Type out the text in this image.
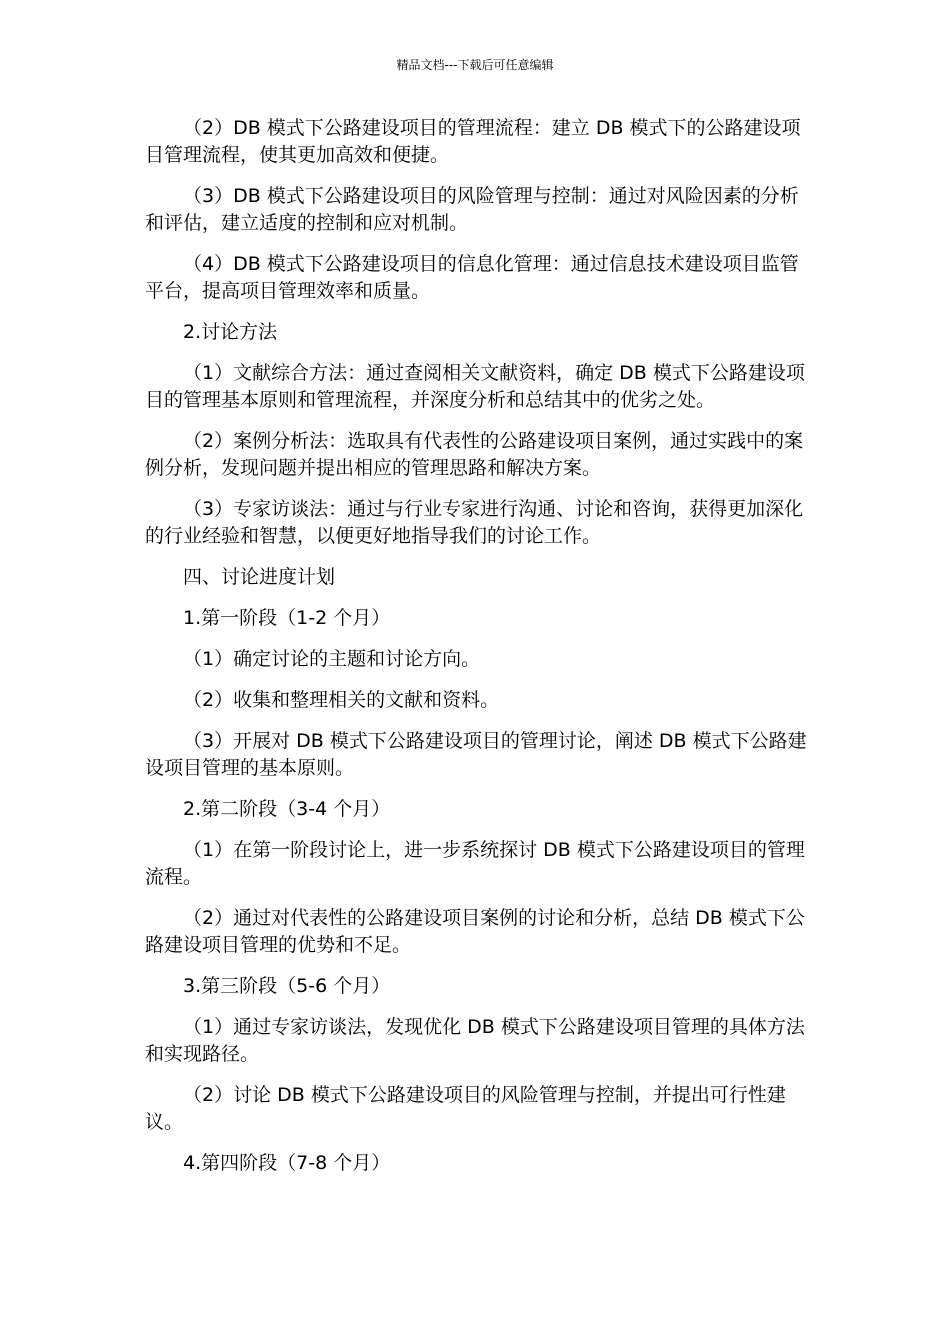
精品文档---下载后可任意编辑

（2）DB 模式下公路建设项目的管理流程：建立 DB 模式下的公路建设项目管理流程，使其更加高效和便捷。

（3）DB 模式下公路建设项目的风险管理与控制：通过对风险因素的分析和评估，建立适度的控制和应对机制。

（4）DB 模式下公路建设项目的信息化管理：通过信息技术建设项目监管平台，提高项目管理效率和质量。

2.讨论方法

（1）文献综合方法：通过查阅相关文献资料，确定 DB 模式下公路建设项目的管理基本原则和管理流程，并深度分析和总结其中的优劣之处。

（2）案例分析法：选取具有代表性的公路建设项目案例，通过实践中的案例分析，发现问题并提出相应的管理思路和解决方案。

（3）专家访谈法：通过与行业专家进行沟通、讨论和咨询，获得更加深化的行业经验和智慧，以便更好地指导我们的讨论工作。

四、讨论进度计划

1.第一阶段（1-2 个月）

（1）确定讨论的主题和讨论方向。

（2）收集和整理相关的文献和资料。

（3）开展对 DB 模式下公路建设项目的管理讨论，阐述 DB 模式下公路建设项目管理的基本原则。

2.第二阶段（3-4 个月）

（1）在第一阶段讨论上，进一步系统探讨 DB 模式下公路建设项目的管理流程。

（2）通过对代表性的公路建设项目案例的讨论和分析，总结 DB 模式下公路建设项目管理的优势和不足。

3.第三阶段（5-6 个月）

（1）通过专家访谈法，发现优化 DB 模式下公路建设项目管理的具体方法和实现路径。

（2）讨论 DB 模式下公路建设项目的风险管理与控制，并提出可行性建议。

4.第四阶段（7-8 个月）
